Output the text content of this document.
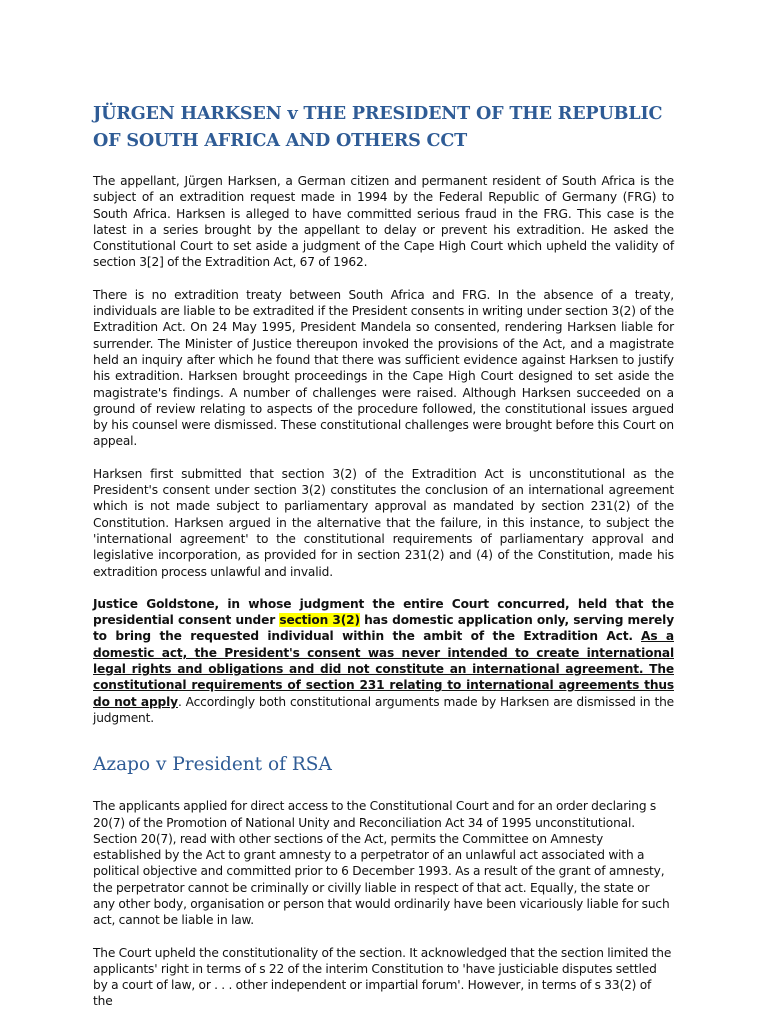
JÜRGEN HARKSEN v THE PRESIDENT OF THE REPUBLIC OF SOUTH AFRICA AND OTHERS CCT

The appellant, Jürgen Harksen, a German citizen and permanent resident of South Africa is the subject of an extradition request made in 1994 by the Federal Republic of Germany (FRG) to South Africa. Harksen is alleged to have committed serious fraud in the FRG. This case is the latest in a series brought by the appellant to delay or prevent his extradition. He asked the Constitutional Court to set aside a judgment of the Cape High Court which upheld the validity of section 3[2] of the Extradition Act, 67 of 1962.

There is no extradition treaty between South Africa and FRG. In the absence of a treaty, individuals are liable to be extradited if the President consents in writing under section 3(2) of the Extradition Act. On 24 May 1995, President Mandela so consented, rendering Harksen liable for surrender. The Minister of Justice thereupon invoked the provisions of the Act, and a magistrate held an inquiry after which he found that there was sufficient evidence against Harksen to justify his extradition. Harksen brought proceedings in the Cape High Court designed to set aside the magistrate's findings. A number of challenges were raised. Although Harksen succeeded on a ground of review relating to aspects of the procedure followed, the constitutional issues argued by his counsel were dismissed. These constitutional challenges were brought before this Court on appeal.

Harksen first submitted that section 3(2) of the Extradition Act is unconstitutional as the President's consent under section 3(2) constitutes the conclusion of an international agreement which is not made subject to parliamentary approval as mandated by section 231(2) of the Constitution. Harksen argued in the alternative that the failure, in this instance, to subject the 'international agreement' to the constitutional requirements of parliamentary approval and legislative incorporation, as provided for in section 231(2) and (4) of the Constitution, made his extradition process unlawful and invalid.

Justice Goldstone, in whose judgment the entire Court concurred, held that the presidential consent under section 3(2) has domestic application only, serving merely to bring the requested individual within the ambit of the Extradition Act. As a domestic act, the President's consent was never intended to create international legal rights and obligations and did not constitute an international agreement. The constitutional requirements of section 231 relating to international agreements thus do not apply. Accordingly both constitutional arguments made by Harksen are dismissed in the judgment.

Azapo v President of RSA

The applicants applied for direct access to the Constitutional Court and for an order declaring s 20(7) of the Promotion of National Unity and Reconciliation Act 34 of 1995 unconstitutional. Section 20(7), read with other sections of the Act, permits the Committee on Amnesty established by the Act to grant amnesty to a perpetrator of an unlawful act associated with a political objective and committed prior to 6 December 1993. As a result of the grant of amnesty, the perpetrator cannot be criminally or civilly liable in respect of that act. Equally, the state or any other body, organisation or person that would ordinarily have been vicariously liable for such act, cannot be liable in law.

The Court upheld the constitutionality of the section. It acknowledged that the section limited the applicants' right in terms of s 22 of the interim Constitution to 'have justiciable disputes settled by a court of law, or . . . other independent or impartial forum'. However, in terms of s 33(2) of the
